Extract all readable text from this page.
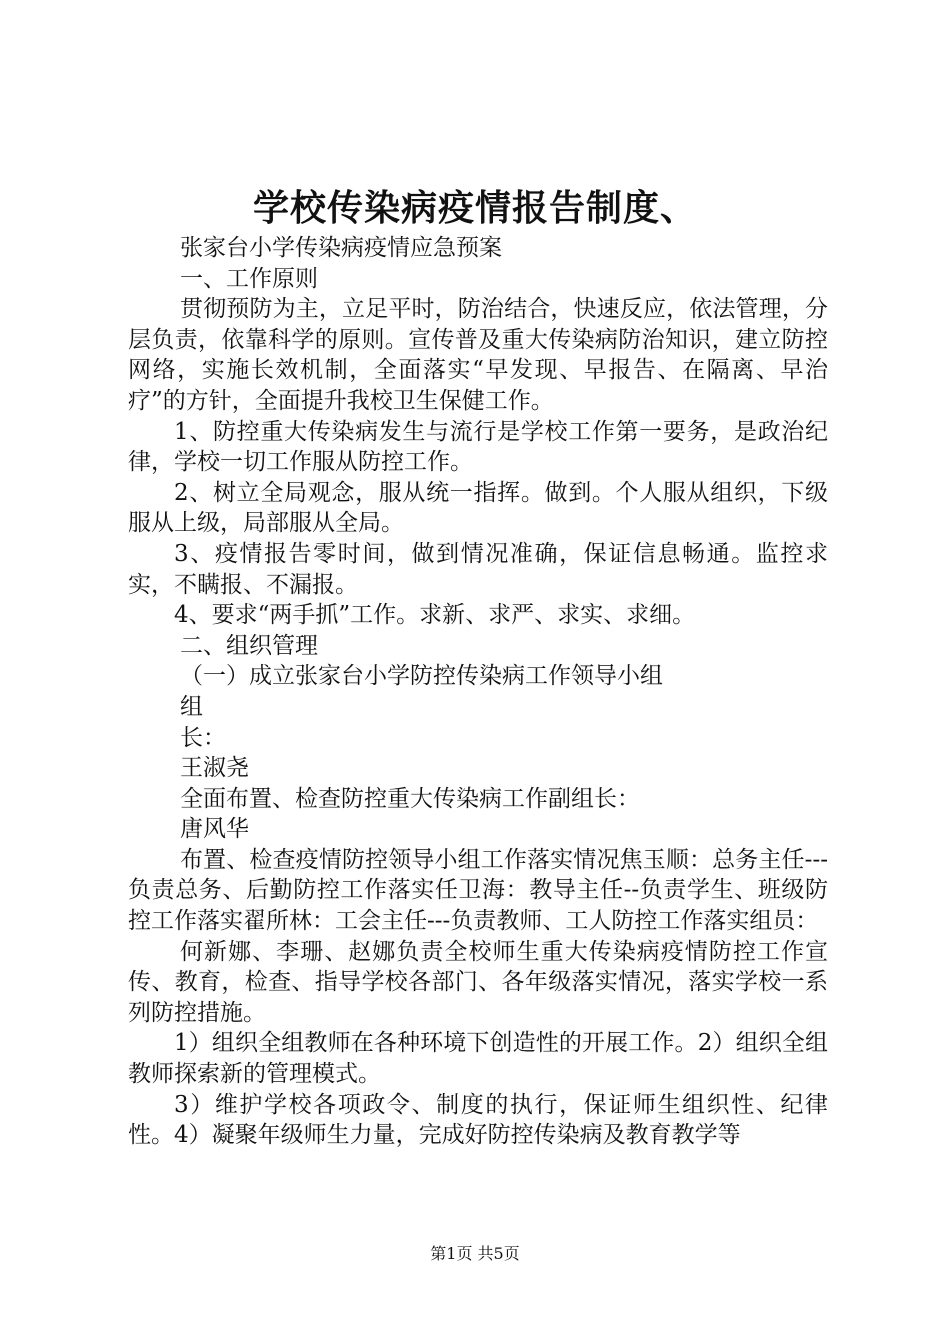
学校传染病疫情报告制度、

张家台小学传染病疫情应急预案

一、工作原则

贯彻预防为主，立足平时，防治结合，快速反应，依法管理，分层负责，依靠科学的原则。宣传普及重大传染病防治知识，建立防控网络，实施长效机制，全面落实“早发现、早报告、在隔离、早治疗”的方针，全面提升我校卫生保健工作。

1、防控重大传染病发生与流行是学校工作第一要务，是政治纪律，学校一切工作服从防控工作。

2、树立全局观念，服从统一指挥。做到。个人服从组织，下级服从上级，局部服从全局。

3、疫情报告零时间，做到情况准确，保证信息畅通。监控求实，不瞒报、不漏报。

4、要求“两手抓”工作。求新、求严、求实、求细。

二、组织管理

（一）成立张家台小学防控传染病工作领导小组

组

长：

王淑尧

全面布置、检查防控重大传染病工作副组长：

唐风华

布置、检查疫情防控领导小组工作落实情况焦玉顺：总务主任---负责总务、后勤防控工作落实任卫海：教导主任--负责学生、班级防控工作落实翟所林：工会主任---负责教师、工人防控工作落实组员：

何新娜、李珊、赵娜负责全校师生重大传染病疫情防控工作宣传、教育，检查、指导学校各部门、各年级落实情况，落实学校一系列防控措施。

1）组织全组教师在各种环境下创造性的开展工作。2）组织全组教师探索新的管理模式。

3）维护学校各项政令、制度的执行，保证师生组织性、纪律性。4）凝聚年级师生力量，完成好防控传染病及教育教学等

第1页 共5页
